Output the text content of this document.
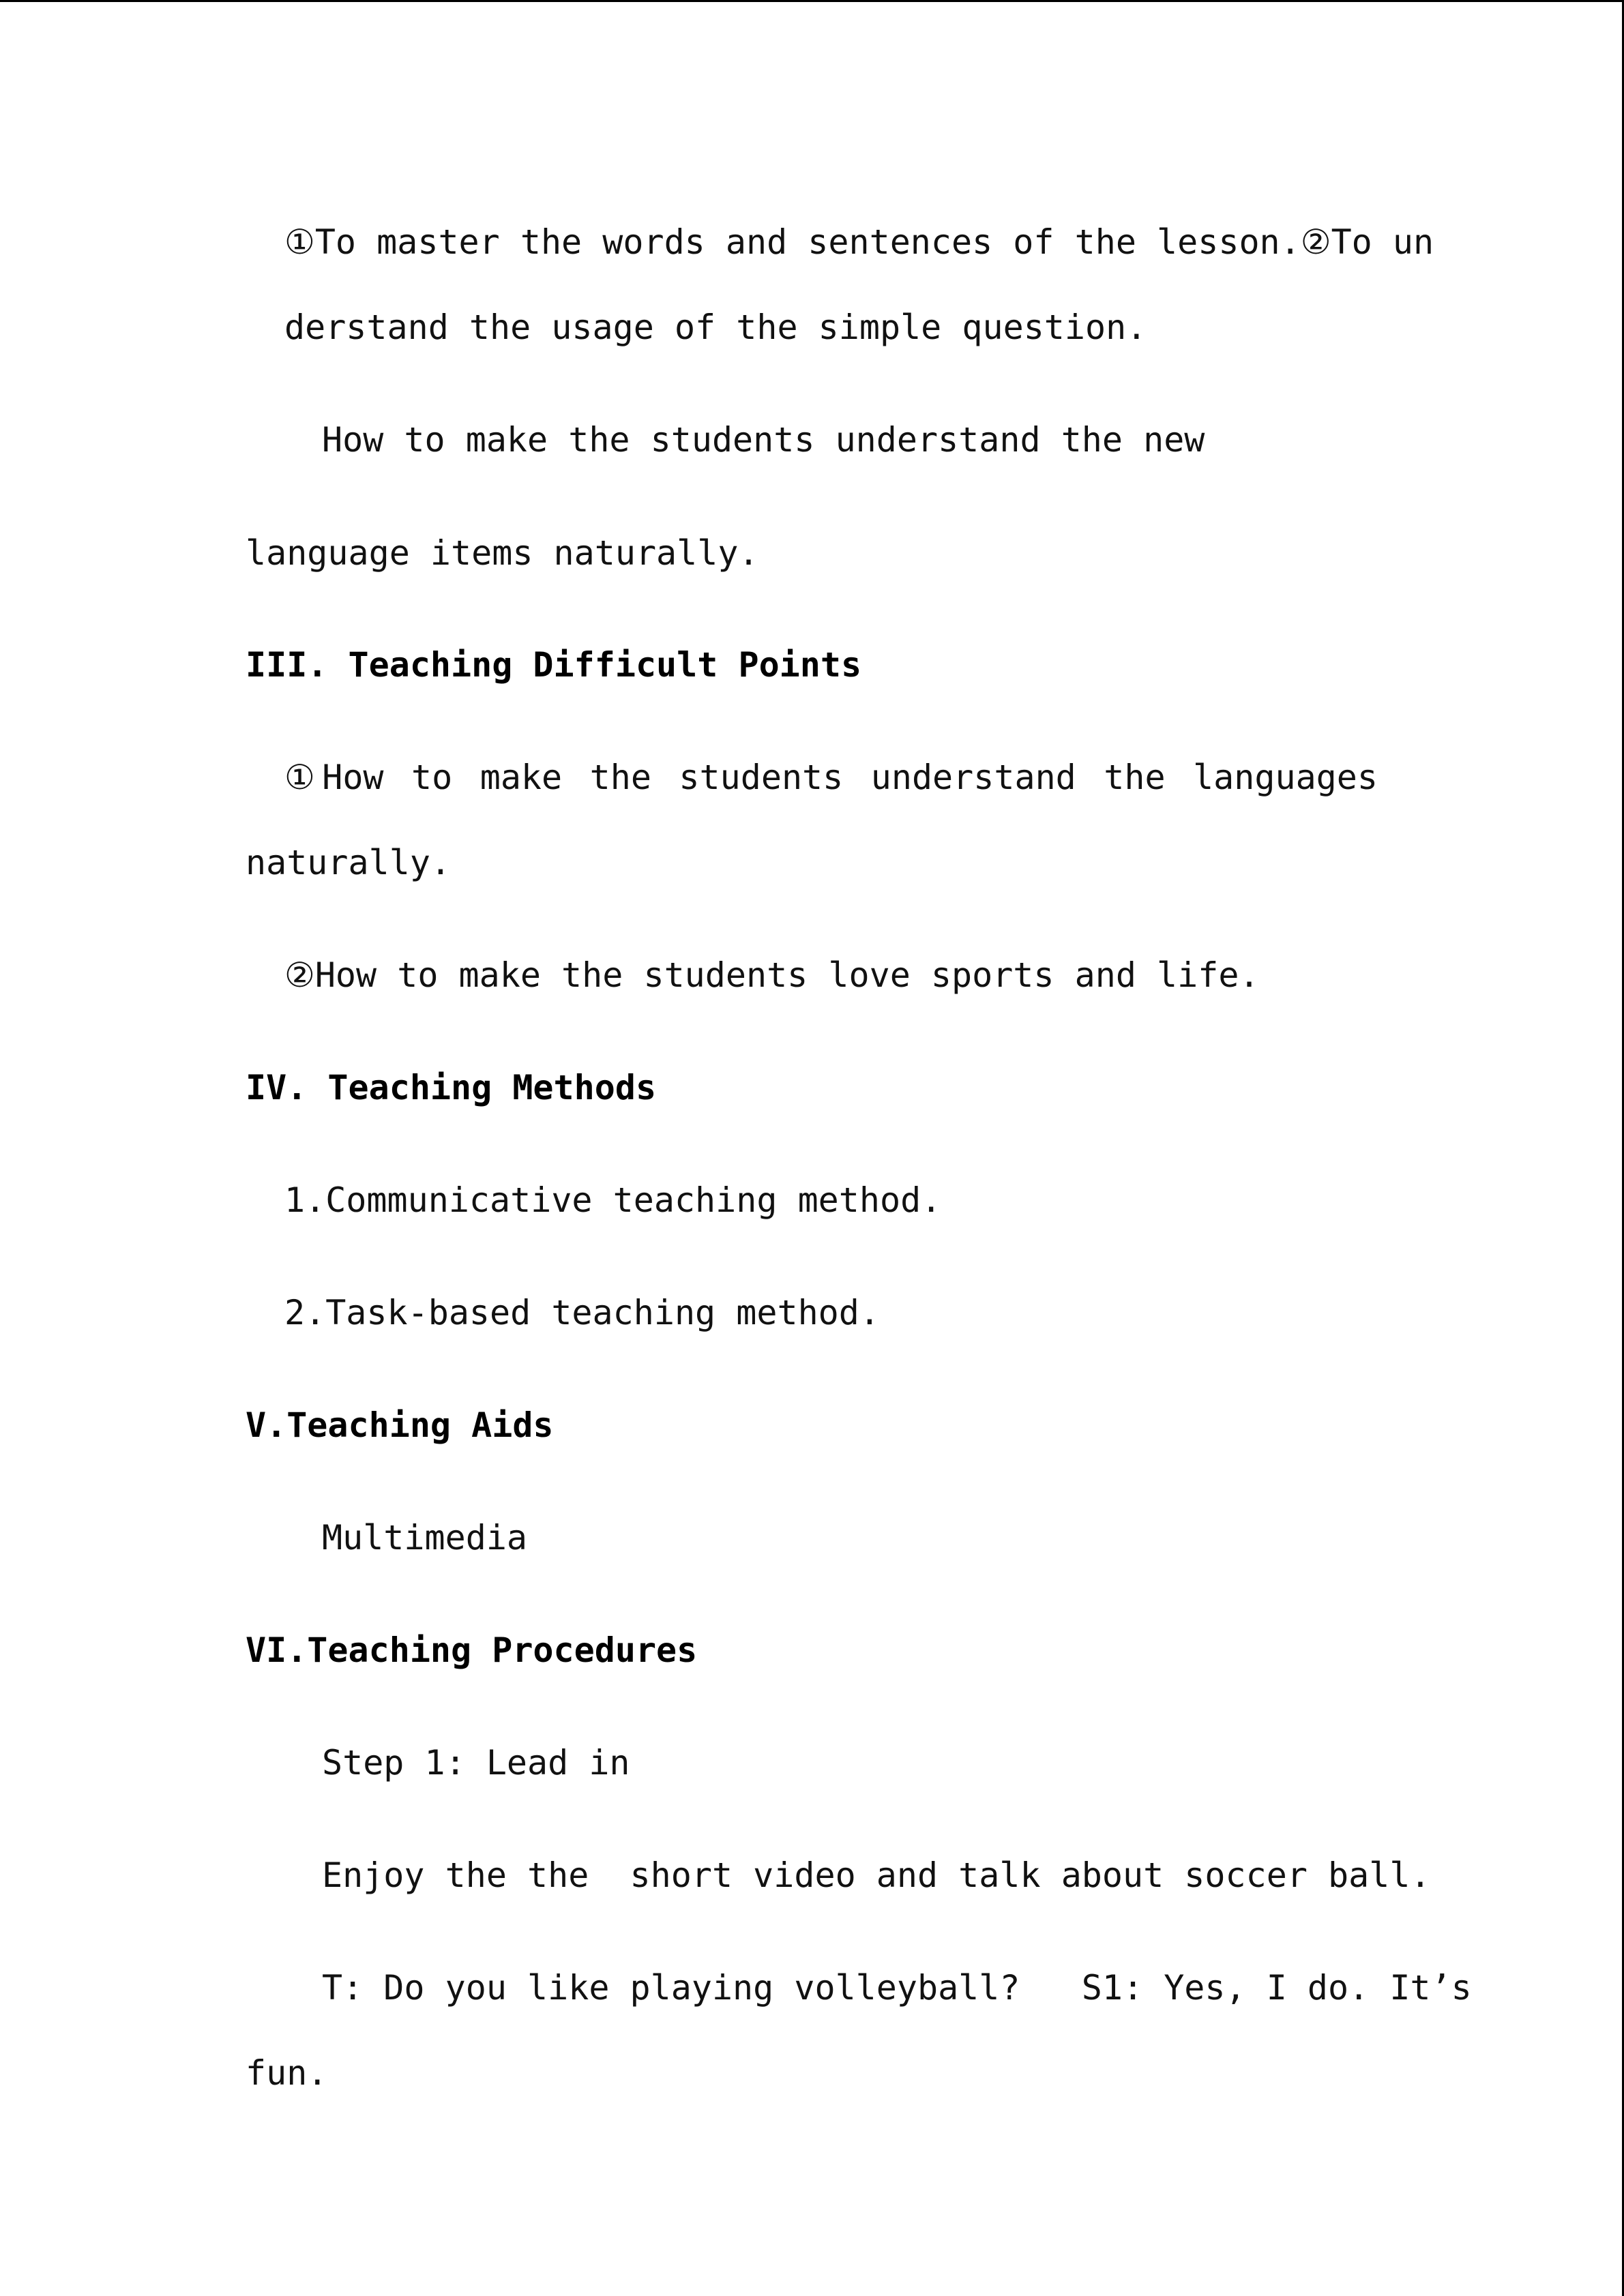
①To master the words and sentences of the lesson.②To un
derstand the usage of the simple question.
How to make the students understand the new
language items naturally.
III. Teaching Difficult Points
①How to make the students understand the languages
naturally.
②How to make the students love sports and life.
IV. Teaching Methods
1.Communicative teaching method.
2.Task-based teaching method.
V.Teaching Aids
Multimedia
VI.Teaching Procedures
Step 1: Lead in
Enjoy the the  short video and talk about soccer ball.
T: Do you like playing volleyball?   S1: Yes, I do. It’s
fun.
